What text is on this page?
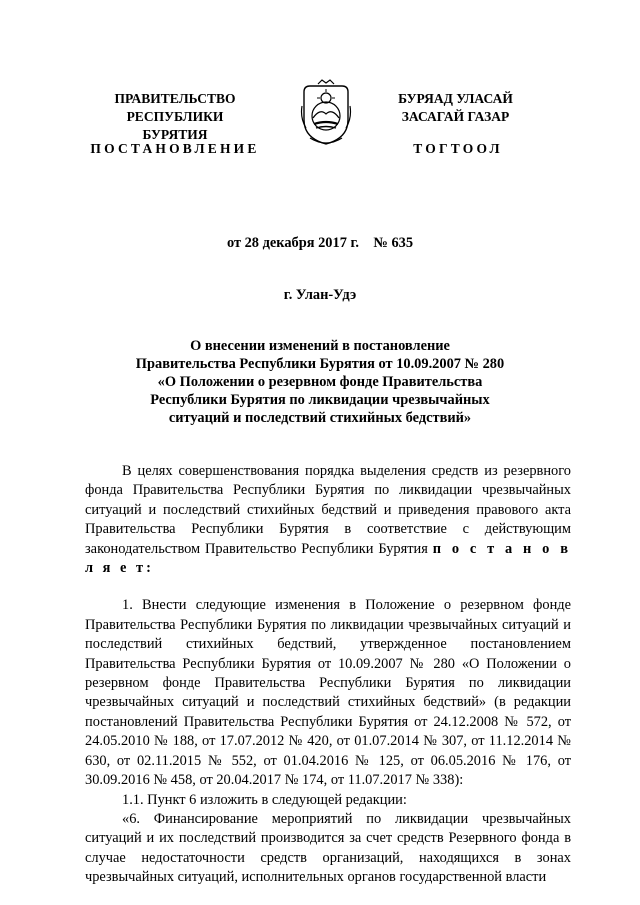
ПРАВИТЕЛЬСТВО
РЕСПУБЛИКИ БУРЯТИЯ
БУРЯАД УЛАСАЙ
ЗАСАГАЙ ГАЗАР
ПОСТАНОВЛЕНИЕ	ТОГТООЛ
от 28 декабря 2017 г.    № 635
г. Улан-Удэ
О внесении изменений в постановление
Правительства Республики Бурятия от 10.09.2007 № 280
«О Положении о резервном фонде Правительства
Республики Бурятия по ликвидации чрезвычайных
ситуаций и последствий стихийных бедствий»

В целях совершенствования порядка выделения средств из резервного фонда Правительства Республики Бурятия по ликвидации чрезвычайных ситуаций и последствий стихийных бедствий и приведения правового акта Правительства Республики Бурятия в соответствие с действующим законодательством Правительство Республики Бурятия п о с т а н о в л я е т:

1. Внести следующие изменения в Положение о резервном фонде Правительства Республики Бурятия по ликвидации чрезвычайных ситуаций и последствий стихийных бедствий, утвержденное постановлением Правительства Республики Бурятия от 10.09.2007 № 280 «О Положении о резервном фонде Правительства Республики Бурятия по ликвидации чрезвычайных ситуаций и последствий стихийных бедствий» (в редакции постановлений Правительства Республики Бурятия от 24.12.2008 № 572, от 24.05.2010 № 188, от 17.07.2012 № 420, от 01.07.2014 № 307, от 11.12.2014 № 630, от 02.11.2015 № 552, от 01.04.2016 № 125, от 06.05.2016 № 176, от 30.09.2016 № 458, от 20.04.2017 № 174, от 11.07.2017 № 338):

1.1. Пункт 6 изложить в следующей редакции:

«6. Финансирование мероприятий по ликвидации чрезвычайных ситуаций и их последствий производится за счет средств Резервного фонда в случае недостаточности средств организаций, находящихся в зонах чрезвычайных ситуаций, исполнительных органов государственной власти
